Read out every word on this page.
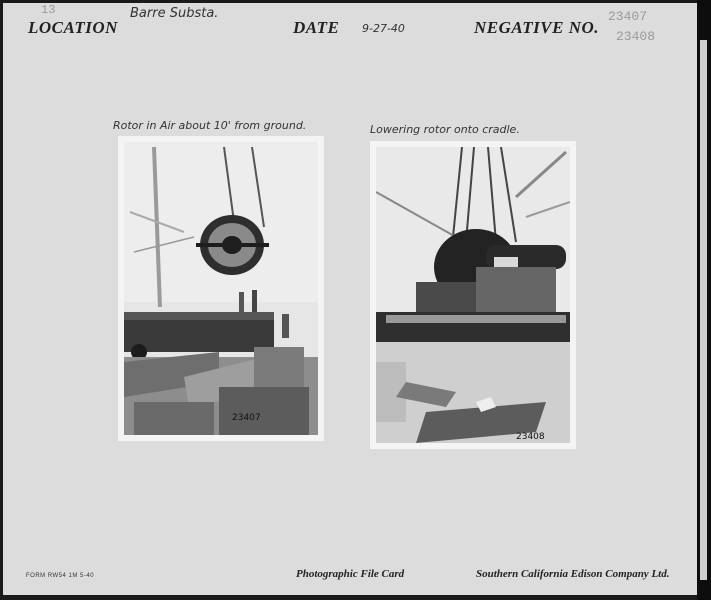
13
LOCATION
Barre Substa.
DATE 9-27-40	NEGATIVE NO.
23407
23408
Rotor in Air about 10' from ground.	Lowering rotor onto cradle.
23407
23408
FORM RW54 1M 5-40	Photographic File Card	Southern California Edison Company Ltd.
